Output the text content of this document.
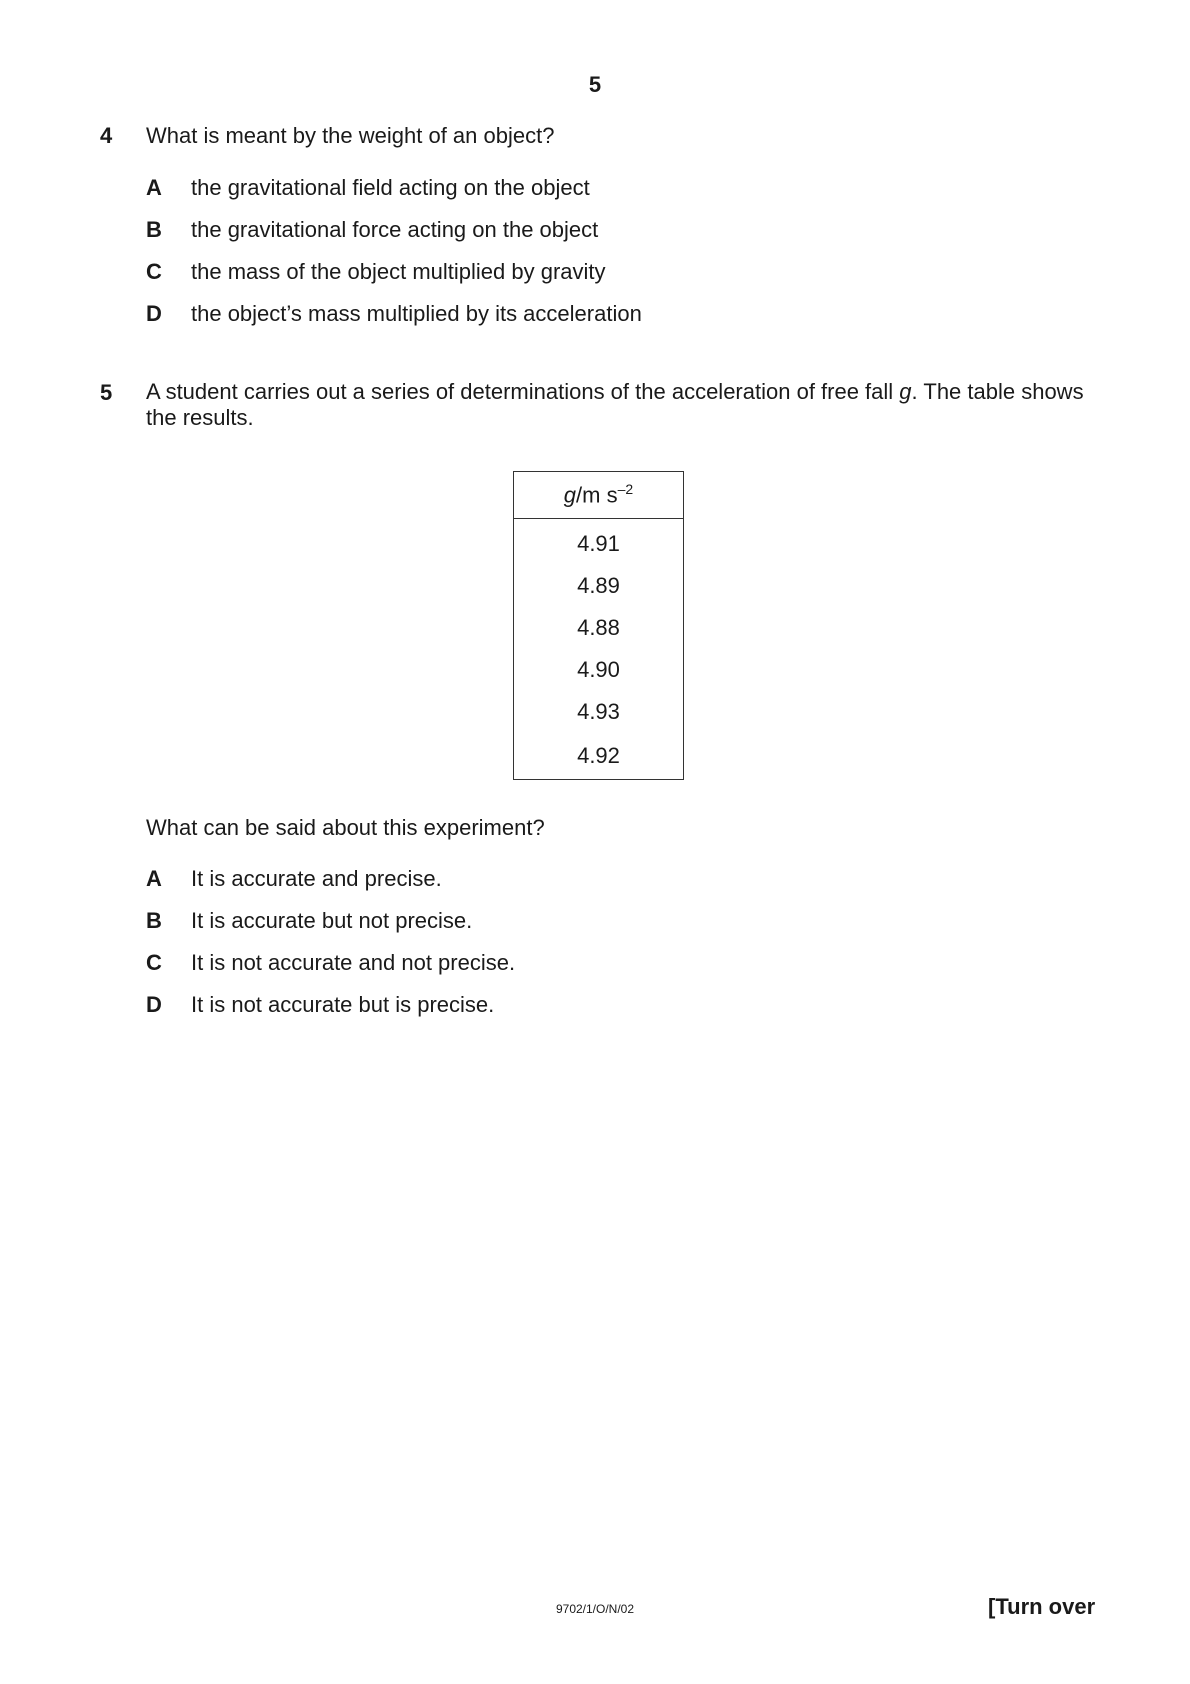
5
4 What is meant by the weight of an object?
A the gravitational field acting on the object
B the gravitational force acting on the object
C the mass of the object multiplied by gravity
D the object’s mass multiplied by its acceleration
5 A student carries out a series of determinations of the acceleration of free fall g. The table shows the results.
g/m $s^{-2}$
4.91
4.89
4.88
4.90
4.93
4.92
What can be said about this experiment?
A It is accurate and precise.
B It is accurate but not precise.
C It is not accurate and not precise.
D It is not accurate but is precise.
9702/1/O/N/02	[Turn over
